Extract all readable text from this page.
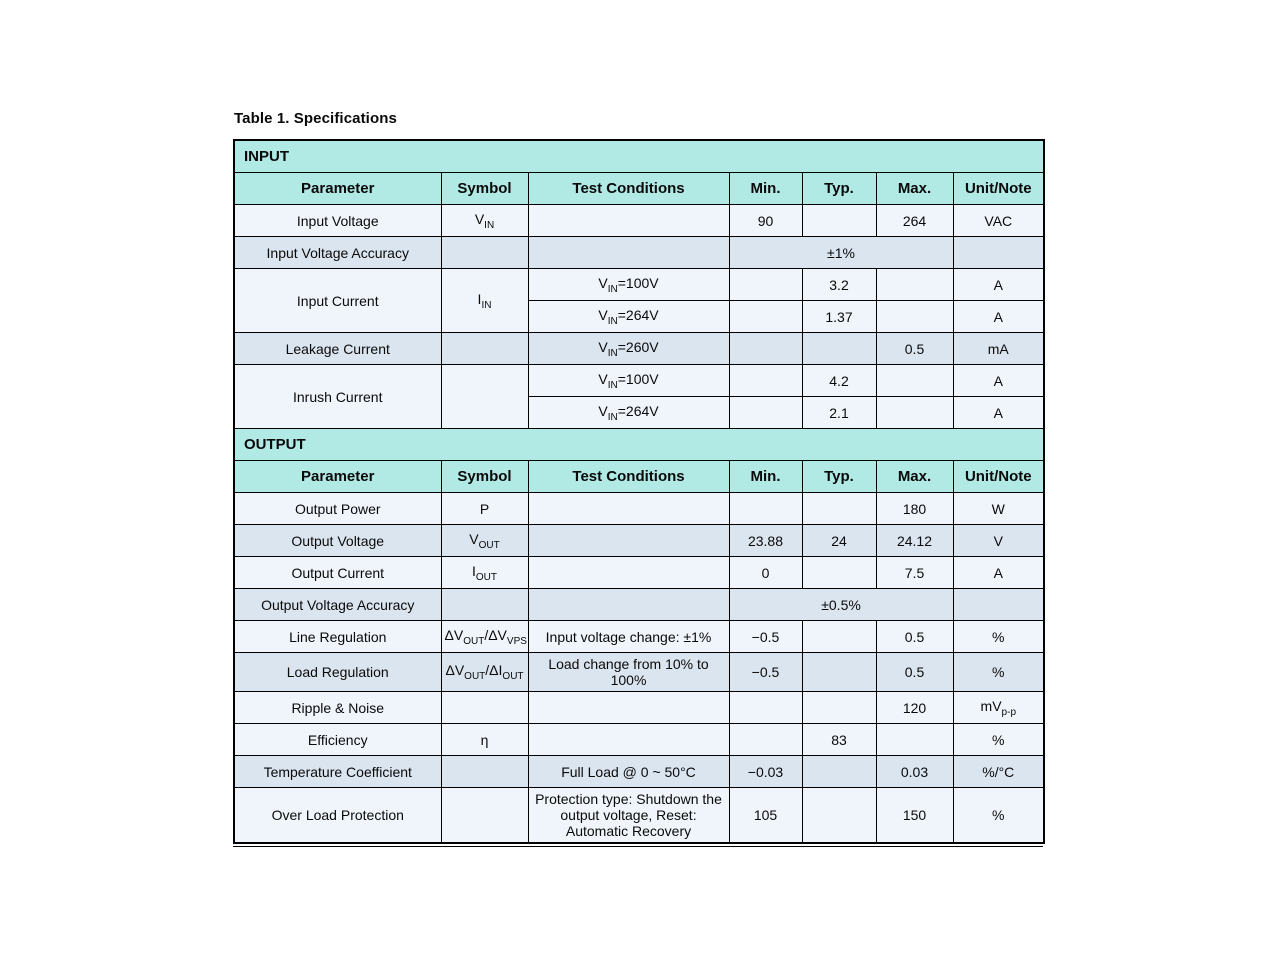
Table 1. Specifications

INPUT						
Parameter	Symbol	Test Conditions	Min.	Typ.	Max.	Unit/Note
Input Voltage	$V_{IN}$		90		264	VAC
Input Voltage Accuracy			±1%			
Input Current	$I_{IN}$	$V_{IN}=100V$		3.2		A
		$V_{IN}=264V$		1.37		A
Leakage Current		$V_{IN}=260V$			0.5	mA
Inrush Current		$V_{IN}=100V$		4.2		A
		$V_{IN}=264V$		2.1		A
OUTPUT						
Parameter	Symbol	Test Conditions	Min.	Typ.	Max.	Unit/Note
Output Power	P				180	W
Output Voltage	$V_{OUT}$		23.88	24	24.12	V
Output Current	$I_{OUT}$		0		7.5	A
Output Voltage Accuracy			±0.5%			
Line Regulation	$\Delta V_{OUT}/\Delta V_{VPS}$	Input voltage change: ±1%	−0.5		0.5	%
Load Regulation	$\Delta V_{OUT}/\Delta I_{OUT}$	Load change from 10% to 100%	−0.5		0.5	%
Ripple & Noise					120	$mV_{p-p}$
Efficiency	η			83		%
Temperature Coefficient		Full Load @ 0 ~ 50°C	−0.03		0.03	%/°C
Over Load Protection		Protection type: Shutdown the output voltage, Reset: Automatic Recovery	105		150	%
